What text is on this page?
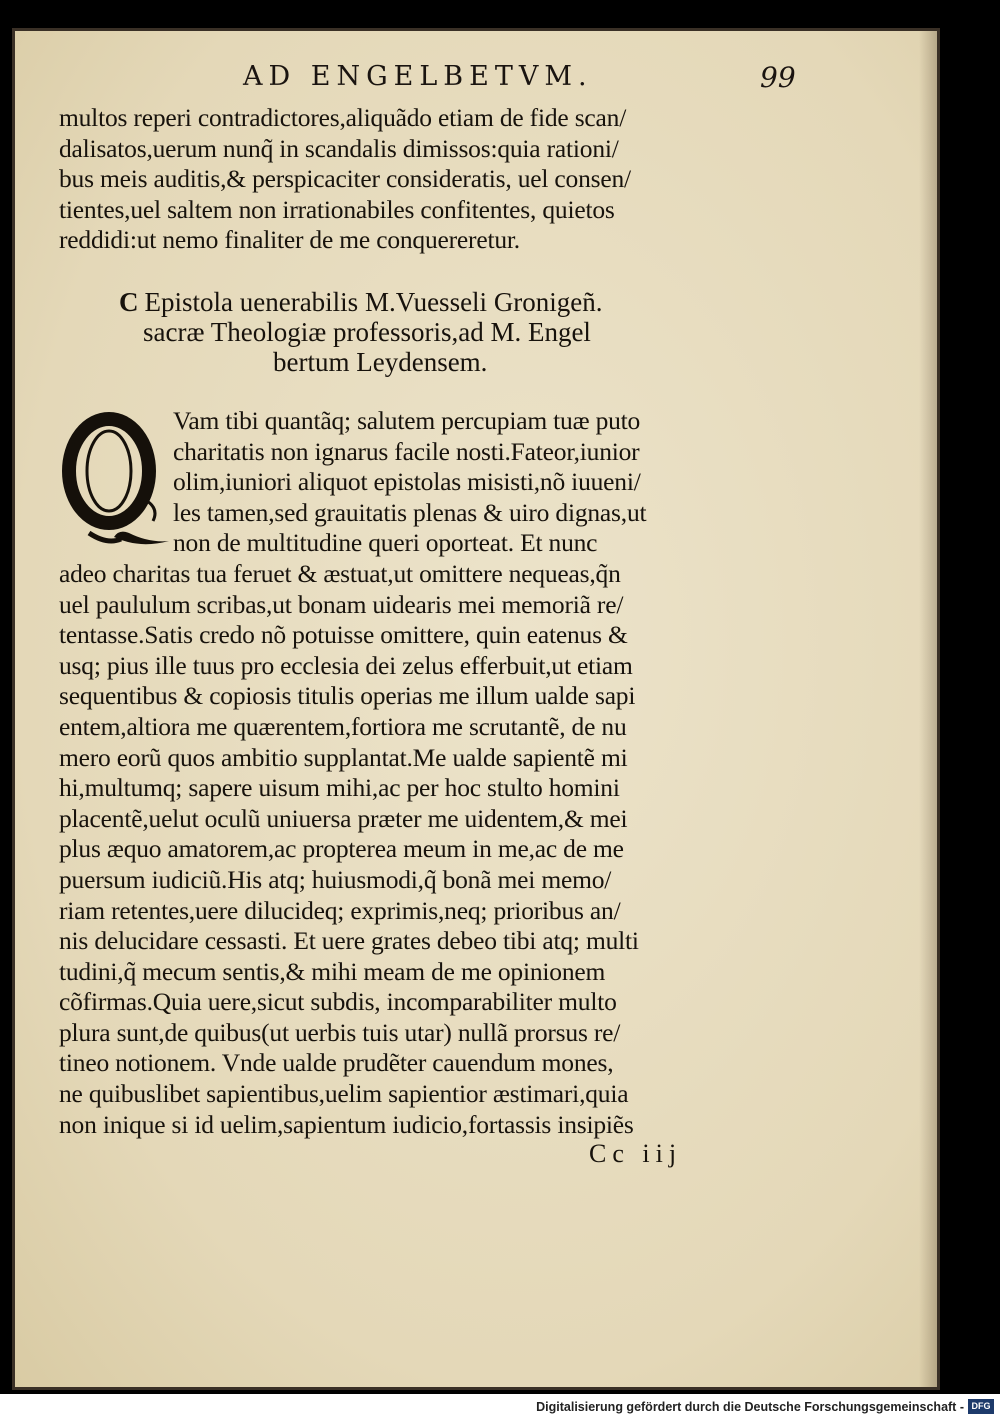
AD ENGELBETVM.	99
multos reperi contradictores,aliquãdo etiam de fide scan/
dalisatos,uerum nunq̃ in scandalis dimissos:quia rationi/
bus meis auditis,& perspicaciter consideratis, uel consen/
tientes,uel saltem non irrationabiles confitentes, quietos
reddidi:ut nemo finaliter de me conquereretur.
C Epistola uenerabilis M.Vuesseli Gronigeñ.
sacræ Theologiæ professoris,ad M. Engel
bertum Leydensem.
Vam tibi quantãq; salutem percupiam tuæ puto
charitatis non ignarus facile nosti.Fateor,iunior
olim,iuniori aliquot epistolas misisti,nõ iuueni/
les tamen,sed grauitatis plenas & uiro dignas,ut
non de multitudine queri oporteat. Et nunc
adeo charitas tua feruet & æstuat,ut omittere nequeas,q̃n
uel paululum scribas,ut bonam uidearis mei memoriã re/
tentasse.Satis credo nõ potuisse omittere, quin eatenus &
usq; pius ille tuus pro ecclesia dei zelus efferbuit,ut etiam
sequentibus & copiosis titulis operias me illum ualde sapi
entem,altiora me quærentem,fortiora me scrutantẽ, de nu
mero eorũ quos ambitio supplantat.Me ualde sapientẽ mi
hi,multumq; sapere uisum mihi,ac per hoc stulto homini
placentẽ,uelut oculũ uniuersa præter me uidentem,& mei
plus æquo amatorem,ac propterea meum in me,ac de me
puersum iudiciũ.His atq; huiusmodi,q̃ bonã mei memo/
riam retentes,uere dilucideq; exprimis,neq; prioribus an/
nis delucidare cessasti. Et uere grates debeo tibi atq; multi
tudini,q̃ mecum sentis,& mihi meam de me opinionem
cõfirmas.Quia uere,sicut subdis, incomparabiliter multo
plura sunt,de quibus(ut uerbis tuis utar) nullã prorsus re/
tineo notionem. Vnde ualde prudẽter cauendum mones,
ne quibuslibet sapientibus,uelim sapientior æstimari,quia
non inique si id uelim,sapientum iudicio,fortassis insipiẽs
Cc iij
Digitalisierung gefördert durch die Deutsche Forschungsgemeinschaft - DFG
